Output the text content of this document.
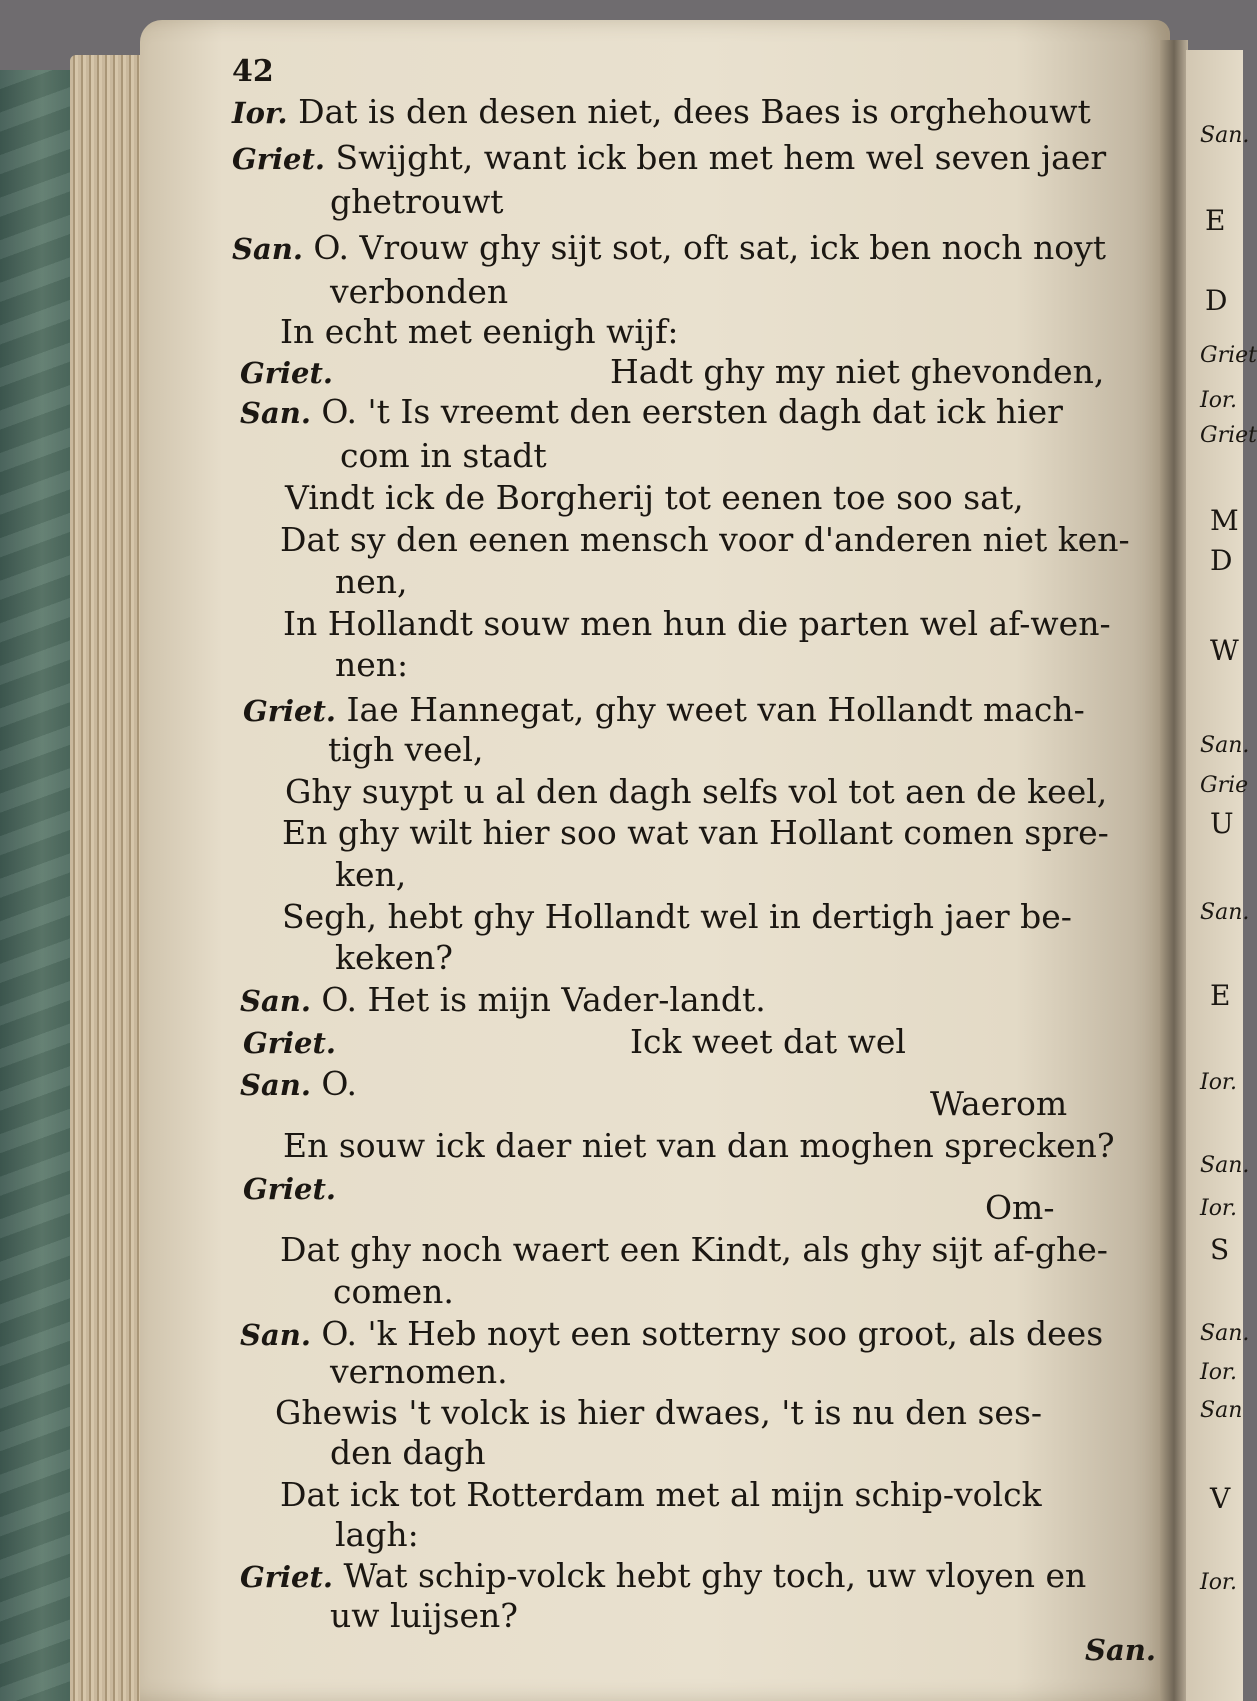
42
Ior. Dat is den desen niet, dees Baes is orghehouwt
Griet. Swijght, want ick ben met hem wel seven jaer
ghetrouwt
San. O. Vrouw ghy sijt sot, oft sat, ick ben noch noyt
verbonden
In echt met eenigh wijf:
Griet.	Hadt ghy my niet ghevonden,
San. O. 't Is vreemt den eersten dagh dat ick hier
com in stadt
Vindt ick de Borgherij tot eenen toe soo sat,
Dat sy den eenen mensch voor d'anderen niet ken-
nen,
In Hollandt souw men hun die parten wel af-wen-
nen:
Griet. Iae Hannegat, ghy weet van Hollandt mach-
tigh veel,
Ghy suypt u al den dagh selfs vol tot aen de keel,
En ghy wilt hier soo wat van Hollant comen spre-
ken,
Segh, hebt ghy Hollandt wel in dertigh jaer be-
keken?
San. O. Het is mijn Vader-landt.
Griet.	Ick weet dat wel
San. O.
Waerom
En souw ick daer niet van dan moghen sprecken?
Griet.	Om-
Dat ghy noch waert een Kindt, als ghy sijt af-ghe-
comen.
San. O. 'k Heb noyt een sotterny soo groot, als dees
vernomen.
Ghewis 't volck is hier dwaes, 't is nu den ses-
den dagh
Dat ick tot Rotterdam met al mijn schip-volck
lagh:
Griet. Wat schip-volck hebt ghy toch, uw vloyen en
uw luijsen?
San.
San.
E
D
Griet
Ior.
Griet
M
D
W
San.
Grie
U
San.
E
Ior.
San.
Ior.
S
San.
Ior.
San
V
Ior.
